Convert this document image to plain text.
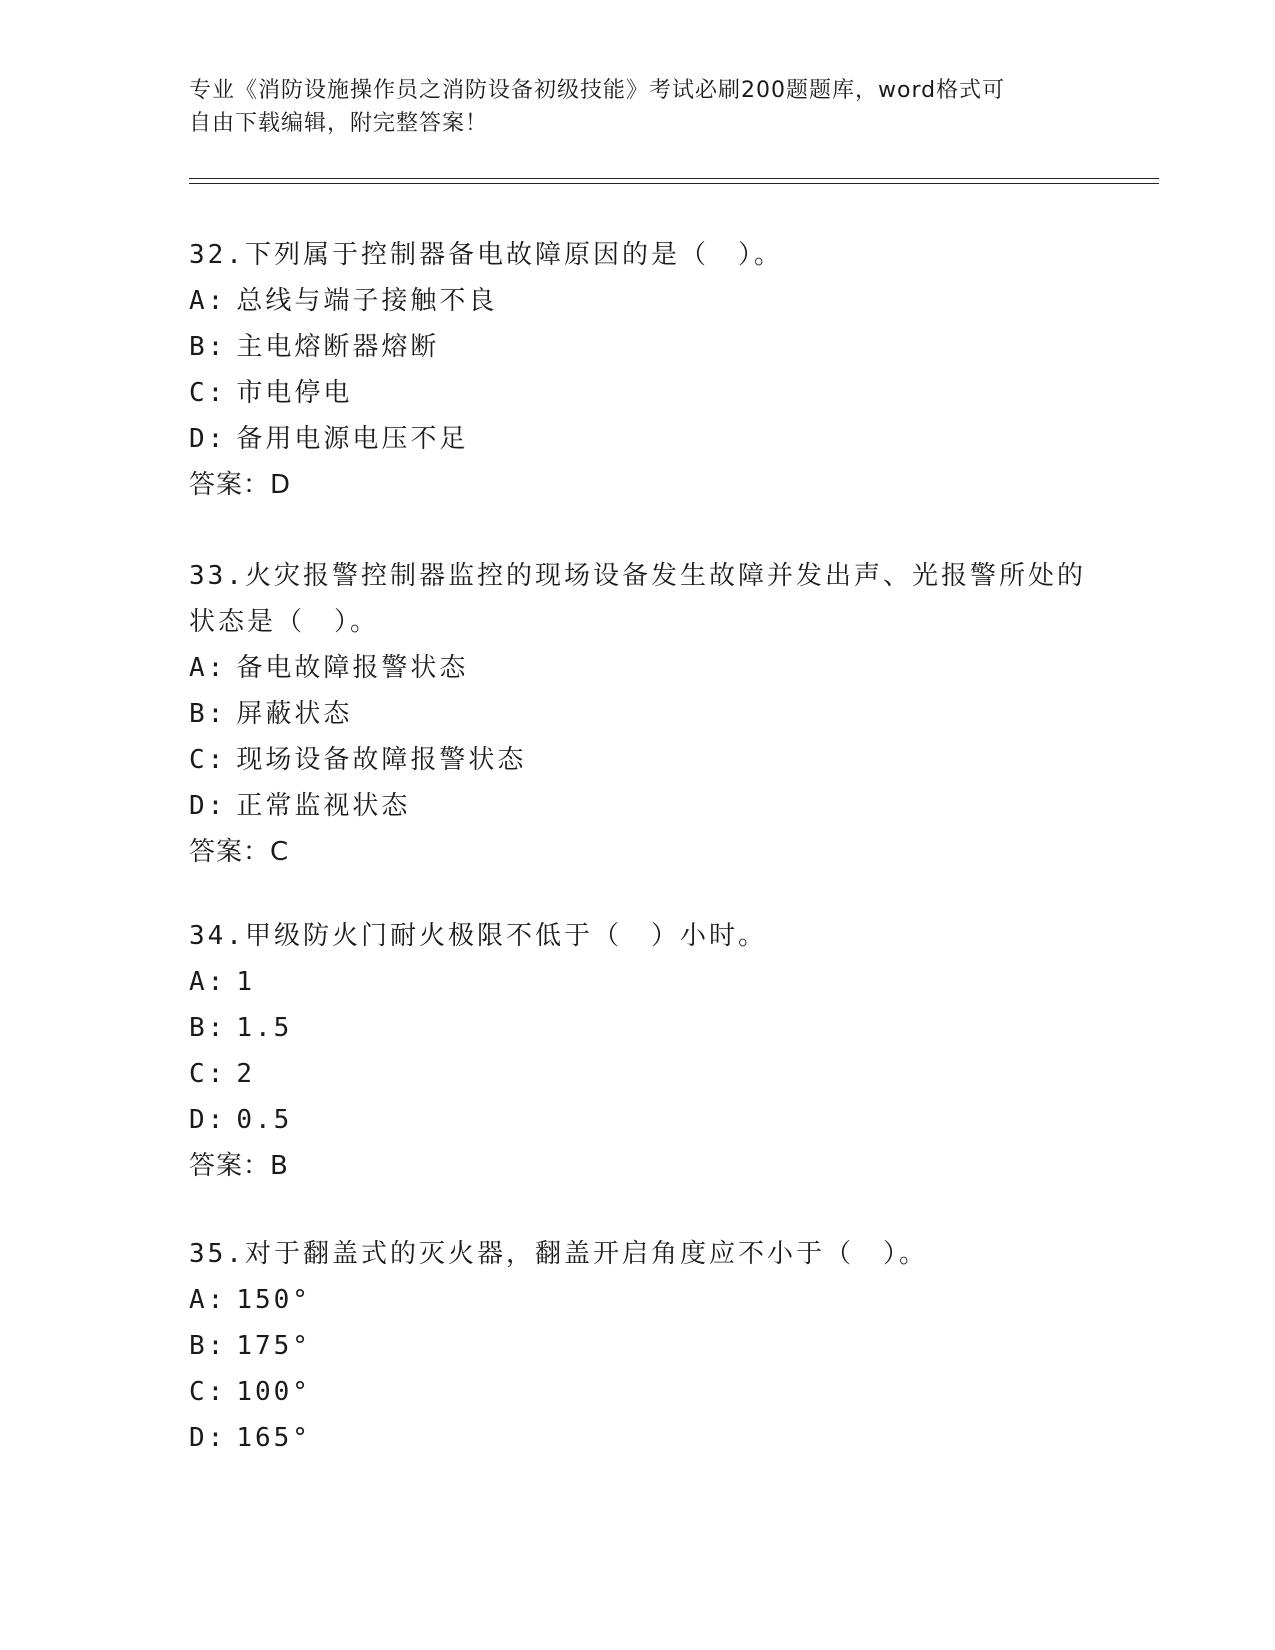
专业《消防设施操作员之消防设备初级技能》考试必刷200题题库，word格式可
自由下载编辑，附完整答案！
32.下列属于控制器备电故障原因的是（　）。
A: 总线与端子接触不良
B: 主电熔断器熔断
C: 市电停电
D: 备用电源电压不足
答案：D
33.火灾报警控制器监控的现场设备发生故障并发出声、光报警所处的
状态是（　）。
A: 备电故障报警状态
B: 屏蔽状态
C: 现场设备故障报警状态
D: 正常监视状态
答案：C
34.甲级防火门耐火极限不低于（　）小时。
A: 1
B: 1.5
C: 2
D: 0.5
答案：B
35.对于翻盖式的灭火器，翻盖开启角度应不小于（　）。
A: 150°
B: 175°
C: 100°
D: 165°
